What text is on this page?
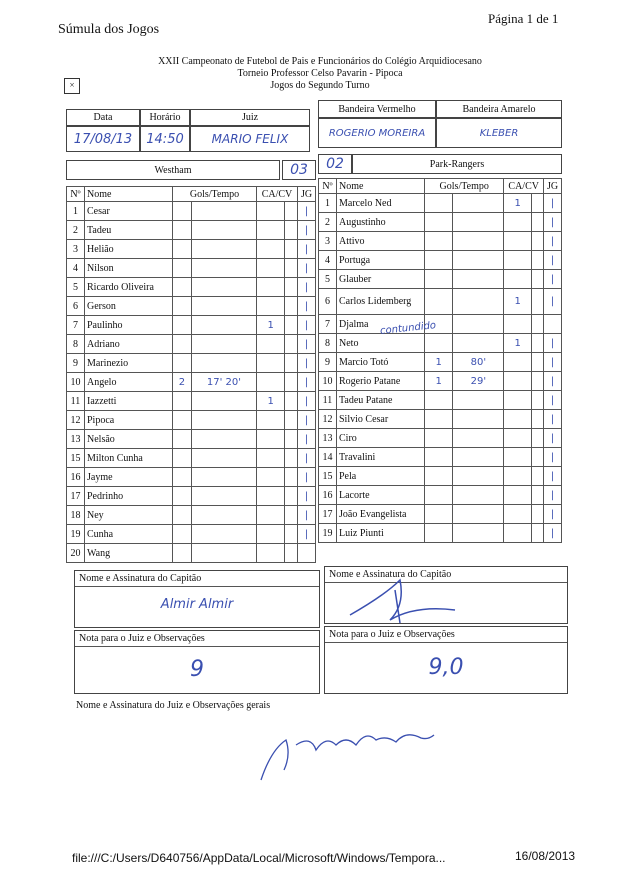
Súmula dos Jogos
Página 1 de 1
×
XXII Campeonato de Futebol de Pais e Funcionários do Colégio Arquidiocesano
Torneio Professor Celso Pavarin - Pipoca
Jogos do Segundo Turno
Data	Horário	Juiz
Bandeira Vermelho	Bandeira Amarelo
17/08/13	14:50	MARIO FELIX	ROGERIO MOREIRA	KLEBER
Westham	03	02	Park-Rangers
Nº	Nome	Gols/Tempo		CA/CV		JG
1	Cesar					|
2	Tadeu					|
3	Helião					|
4	Nilson					|
5	Ricardo Oliveira					|
6	Gerson					|
7	Paulinho			1		|
8	Adriano					|
9	Marinezio					|
10	Angelo	2	17' 20'			|
11	Iazzetti			1		|
12	Pipoca					|
13	Nelsão					|
15	Milton Cunha					|
16	Jayme					|
17	Pedrinho					|
18	Ney					|
19	Cunha					|
20	Wang					
Nº	Nome	Gols/Tempo		CA/CV		JG
1	Marcelo Ned			1		|
2	Augustinho					|
3	Attivo					|
4	Portuga					|
5	Glauber					|
6	Carlos Lidemberg			1		|
7	Djalma					
8	Neto			1		|
9	Marcio Totó	1	80'			|
10	Rogerio Patane	1	29'			|
11	Tadeu Patane					|
12	Silvio Cesar					|
13	Ciro					|
14	Travalini					|
15	Pela					|
16	Lacorte					|
17	João Evangelista					|
19	Luiz Piunti					|
contundido
Nome e Assinatura do Capitão
Almir Almir
Nome e Assinatura do Capitão
Nota para o Juiz e Observações
9
Nota para o Juiz e Observações
9,0
Nome e Assinatura do Juiz e Observações gerais
file:///C:/Users/D640756/AppData/Local/Microsoft/Windows/Tempora...	16/08/2013
